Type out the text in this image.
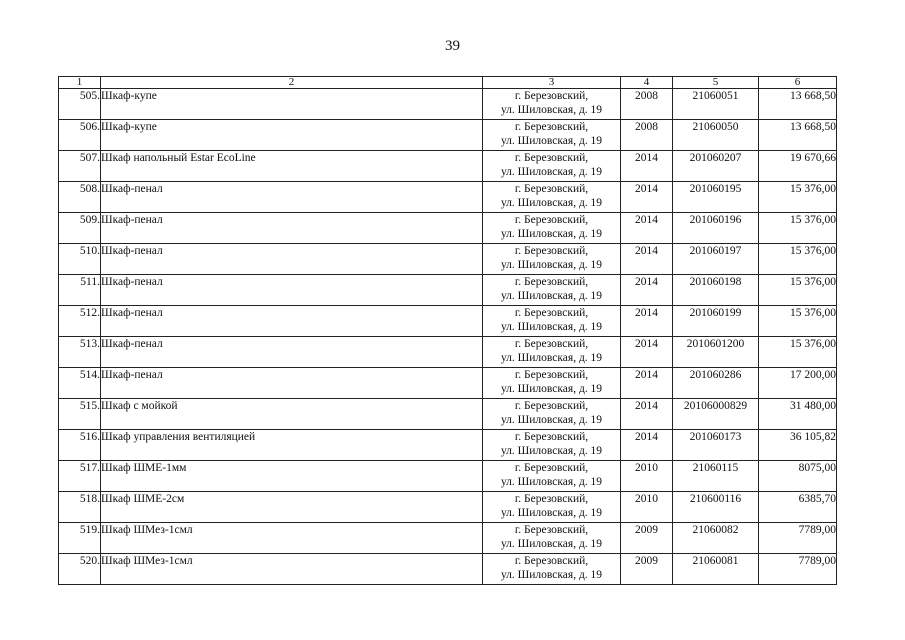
39
1	2	3	4	5	6
505.	Шкаф-купе	г. Березовский,
ул. Шиловская, д. 19	2008	21060051	13 668,50
506.	Шкаф-купе	г. Березовский,
ул. Шиловская, д. 19	2008	21060050	13 668,50
507.	Шкаф напольный Estar EcoLine	г. Березовский,
ул. Шиловская, д. 19	2014	201060207	19 670,66
508.	Шкаф-пенал	г. Березовский,
ул. Шиловская, д. 19	2014	201060195	15 376,00
509.	Шкаф-пенал	г. Березовский,
ул. Шиловская, д. 19	2014	201060196	15 376,00
510.	Шкаф-пенал	г. Березовский,
ул. Шиловская, д. 19	2014	201060197	15 376,00
511.	Шкаф-пенал	г. Березовский,
ул. Шиловская, д. 19	2014	201060198	15 376,00
512.	Шкаф-пенал	г. Березовский,
ул. Шиловская, д. 19	2014	201060199	15 376,00
513.	Шкаф-пенал	г. Березовский,
ул. Шиловская, д. 19	2014	2010601200	15 376,00
514.	Шкаф-пенал	г. Березовский,
ул. Шиловская, д. 19	2014	201060286	17 200,00
515.	Шкаф с мойкой	г. Березовский,
ул. Шиловская, д. 19	2014	20106000829	31 480,00
516.	Шкаф управления вентиляцией	г. Березовский,
ул. Шиловская, д. 19	2014	201060173	36 105,82
517.	Шкаф ШМЕ-1мм	г. Березовский,
ул. Шиловская, д. 19	2010	21060115	8075,00
518.	Шкаф ШМЕ-2см	г. Березовский,
ул. Шиловская, д. 19	2010	210600116	6385,70
519.	Шкаф ШМез-1смл	г. Березовский,
ул. Шиловская, д. 19	2009	21060082	7789,00
520.	Шкаф ШМез-1смл	г. Березовский,
ул. Шиловская, д. 19	2009	21060081	7789,00
